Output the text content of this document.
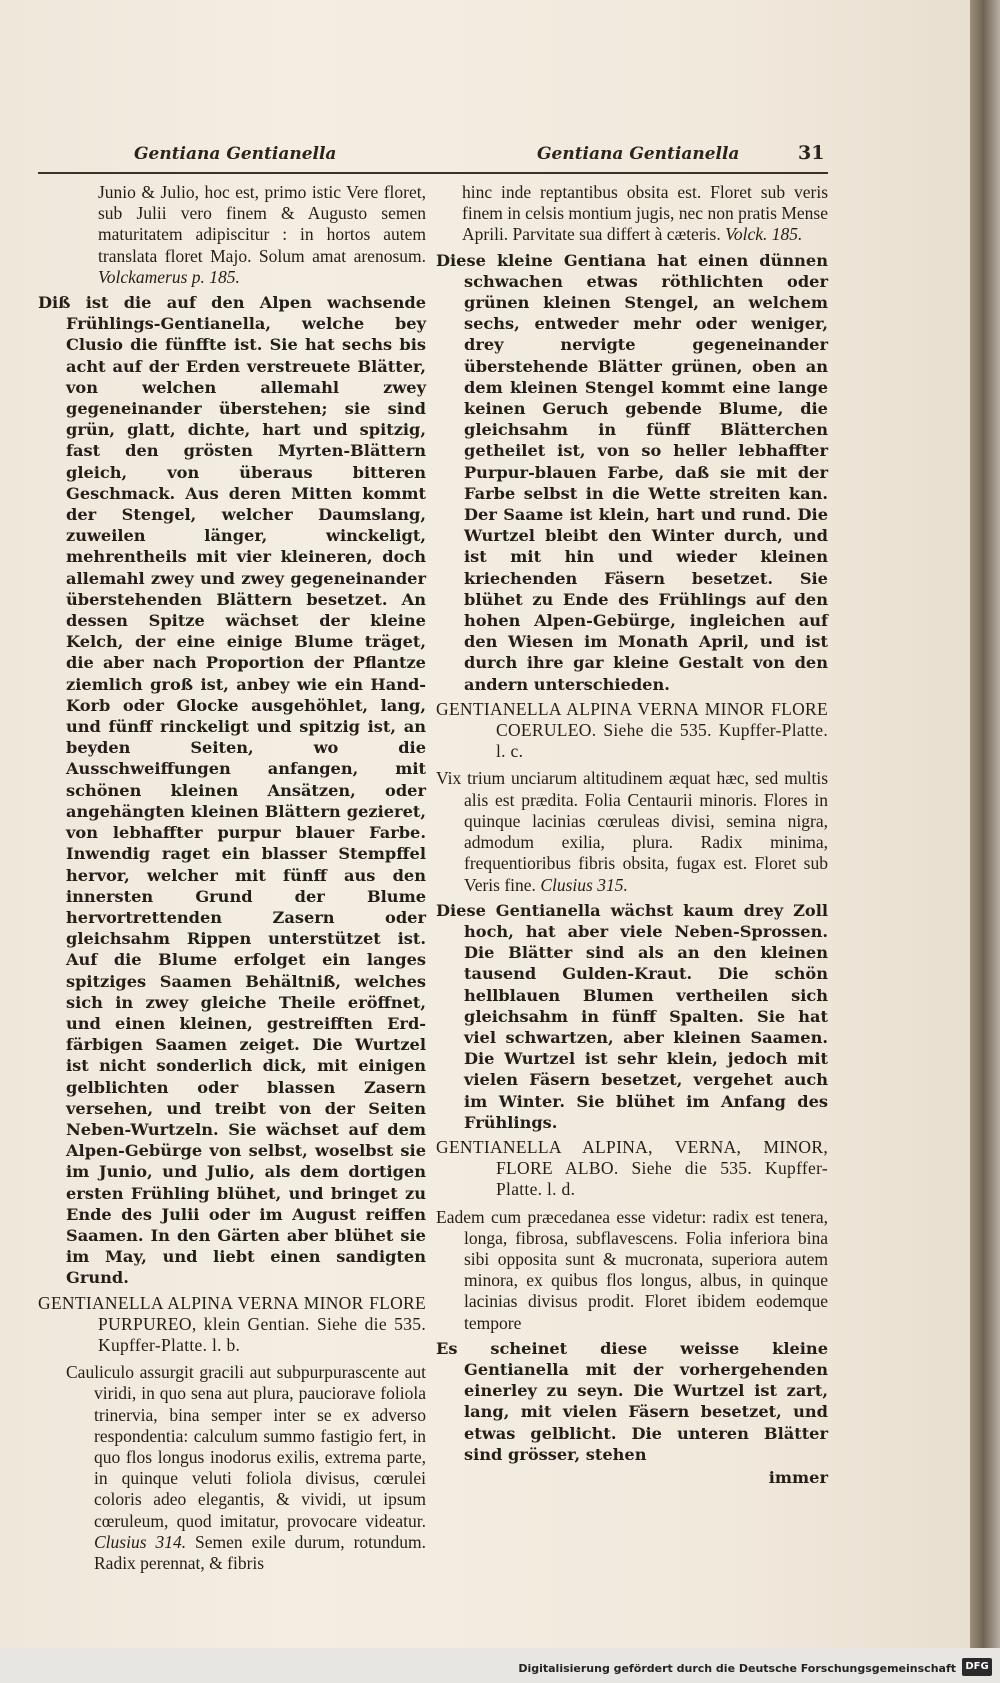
Gentiana Gentianella	Gentiana Gentianella	31

Junio & Julio, hoc est, primo istic Vere floret, sub Julii vero finem & Augusto semen maturitatem adipiscitur : in hortos autem translata floret Majo. Solum amat arenosum. Volckamerus p. 185.

Diß ist die auf den Alpen wachsende Frühlings-Gentianella, welche bey Clusio die fünffte ist. Sie hat sechs bis acht auf der Erden verstreuete Blätter, von welchen allemahl zwey gegeneinander überstehen; sie sind grün, glatt, dichte, hart und spitzig, fast den grösten Myrten-Blättern gleich, von überaus bitteren Geschmack. Aus deren Mitten kommt der Stengel, welcher Daumslang, zuweilen länger, winckeligt, mehrentheils mit vier kleineren, doch allemahl zwey und zwey gegeneinander überstehenden Blättern besetzet. An dessen Spitze wächset der kleine Kelch, der eine einige Blume träget, die aber nach Proportion der Pflantze ziemlich groß ist, anbey wie ein Hand-Korb oder Glocke ausgehöhlet, lang, und fünff rinckeligt und spitzig ist, an beyden Seiten, wo die Ausschweiffungen anfangen, mit schönen kleinen Ansätzen, oder angehängten kleinen Blättern gezieret, von lebhaffter purpur blauer Farbe. Inwendig raget ein blasser Stempffel hervor, welcher mit fünff aus den innersten Grund der Blume hervortrettenden Zasern oder gleichsahm Rippen unterstützet ist. Auf die Blume erfolget ein langes spitziges Saamen Behältniß, welches sich in zwey gleiche Theile eröffnet, und einen kleinen, gestreifften Erd-färbigen Saamen zeiget. Die Wurtzel ist nicht sonderlich dick, mit einigen gelblichten oder blassen Zasern versehen, und treibt von der Seiten Neben-Wurtzeln. Sie wächset auf dem Alpen-Gebürge von selbst, woselbst sie im Junio, und Julio, als dem dortigen ersten Frühling blühet, und bringet zu Ende des Julii oder im August reiffen Saamen. In den Gärten aber blühet sie im May, und liebt einen sandigten Grund.

GENTIANELLA ALPINA VERNA MINOR FLORE PURPUREO, klein Gentian. Siehe die 535. Kupffer-Platte. l. b.

Cauliculo assurgit gracili aut subpurpurascente aut viridi, in quo sena aut plura, pauciorave foliola trinervia, bina semper inter se ex adverso respondentia: calculum summo fastigio fert, in quo flos longus inodorus exilis, extrema parte, in quinque veluti foliola divisus, cœrulei coloris adeo elegantis, & vividi, ut ipsum cœruleum, quod imitatur, provocare videatur. Clusius 314. Semen exile durum, rotundum. Radix perennat, & fibris

hinc inde reptantibus obsita est. Floret sub veris finem in celsis montium jugis, nec non pratis Mense Aprili. Parvitate sua differt à cæteris. Volck. 185.

Diese kleine Gentiana hat einen dünnen schwachen etwas röthlichten oder grünen kleinen Stengel, an welchem sechs, entweder mehr oder weniger, drey nervigte gegeneinander überstehende Blätter grünen, oben an dem kleinen Stengel kommt eine lange keinen Geruch gebende Blume, die gleichsahm in fünff Blätterchen getheilet ist, von so heller lebhaffter Purpur-blauen Farbe, daß sie mit der Farbe selbst in die Wette streiten kan. Der Saame ist klein, hart und rund. Die Wurtzel bleibt den Winter durch, und ist mit hin und wieder kleinen kriechenden Fäsern besetzet. Sie blühet zu Ende des Frühlings auf den hohen Alpen-Gebürge, ingleichen auf den Wiesen im Monath April, und ist durch ihre gar kleine Gestalt von den andern unterschieden.

GENTIANELLA ALPINA VERNA MINOR FLORE COERULEO. Siehe die 535. Kupffer-Platte. l. c.

Vix trium unciarum altitudinem æquat hæc, sed multis alis est prædita. Folia Centaurii minoris. Flores in quinque lacinias cœruleas divisi, semina nigra, admodum exilia, plura. Radix minima, frequentioribus fibris obsita, fugax est. Floret sub Veris fine. Clusius 315.

Diese Gentianella wächst kaum drey Zoll hoch, hat aber viele Neben-Sprossen. Die Blätter sind als an den kleinen tausend Gulden-Kraut. Die schön hellblauen Blumen vertheilen sich gleichsahm in fünff Spalten. Sie hat viel schwartzen, aber kleinen Saamen. Die Wurtzel ist sehr klein, jedoch mit vielen Fäsern besetzet, vergehet auch im Winter. Sie blühet im Anfang des Frühlings.

GENTIANELLA ALPINA, VERNA, MINOR, FLORE ALBO. Siehe die 535. Kupffer-Platte. l. d.

Eadem cum præcedanea esse videtur: radix est tenera, longa, fibrosa, subflavescens. Folia inferiora bina sibi opposita sunt & mucronata, superiora autem minora, ex quibus flos longus, albus, in quinque lacinias divisus prodit. Floret ibidem eodemque tempore

Es scheinet diese weisse kleine Gentianella mit der vorhergehenden einerley zu seyn. Die Wurtzel ist zart, lang, mit vielen Fäsern besetzet, und etwas gelblicht. Die unteren Blätter sind grösser, stehen

immer

Digitalisierung gefördert durch die Deutsche Forschungsgemeinschaft DFG
